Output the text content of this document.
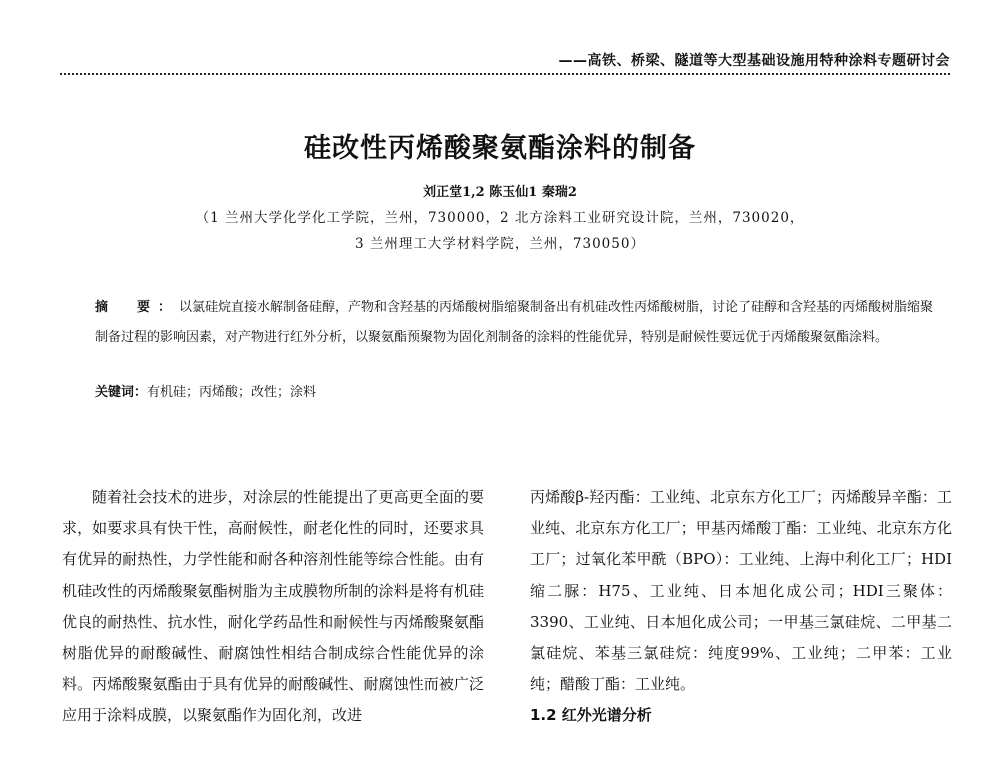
——高铁、桥梁、隧道等大型基础设施用特种涂料专题研讨会
硅改性丙烯酸聚氨酯涂料的制备
刘正堂1,2 陈玉仙1 秦瑞2
（1 兰州大学化学化工学院，兰州，730000，2 北方涂料工业研究设计院，兰州，730020，
3 兰州理工大学材料学院，兰州，730050）

摘　要：以氯硅烷直接水解制备硅醇，产物和含羟基的丙烯酸树脂缩聚制备出有机硅改性丙烯酸树脂，讨论了硅醇和含羟基的丙烯酸树脂缩聚制备过程的影响因素，对产物进行红外分析，以聚氨酯预聚物为固化剂制备的涂料的性能优异，特别是耐候性要远优于丙烯酸聚氨酯涂料。

关键词：有机硅；丙烯酸；改性；涂料

随着社会技术的进步，对涂层的性能提出了更高更全面的要求，如要求具有快干性，高耐候性，耐老化性的同时，还要求具有优异的耐热性，力学性能和耐各种溶剂性能等综合性能。由有机硅改性的丙烯酸聚氨酯树脂为主成膜物所制的涂料是将有机硅优良的耐热性、抗水性，耐化学药品性和耐候性与丙烯酸聚氨酯树脂优异的耐酸碱性、耐腐蚀性相结合制成综合性能优异的涂料。丙烯酸聚氨酯由于具有优异的耐酸碱性、耐腐蚀性而被广泛应用于涂料成膜，以聚氨酯作为固化剂，改进

丙烯酸β-羟丙酯：工业纯、北京东方化工厂；丙烯酸异辛酯：工业纯、北京东方化工厂；甲基丙烯酸丁酯：工业纯、北京东方化工厂；过氧化苯甲酰（BPO）：工业纯、上海中利化工厂；HDI缩二脲：H75、工业纯、日本旭化成公司；HDI三聚体：3390、工业纯、日本旭化成公司；一甲基三氯硅烷、二甲基二氯硅烷、苯基三氯硅烷：纯度99%、工业纯；二甲苯：工业纯；醋酸丁酯：工业纯。

1.2 红外光谱分析
